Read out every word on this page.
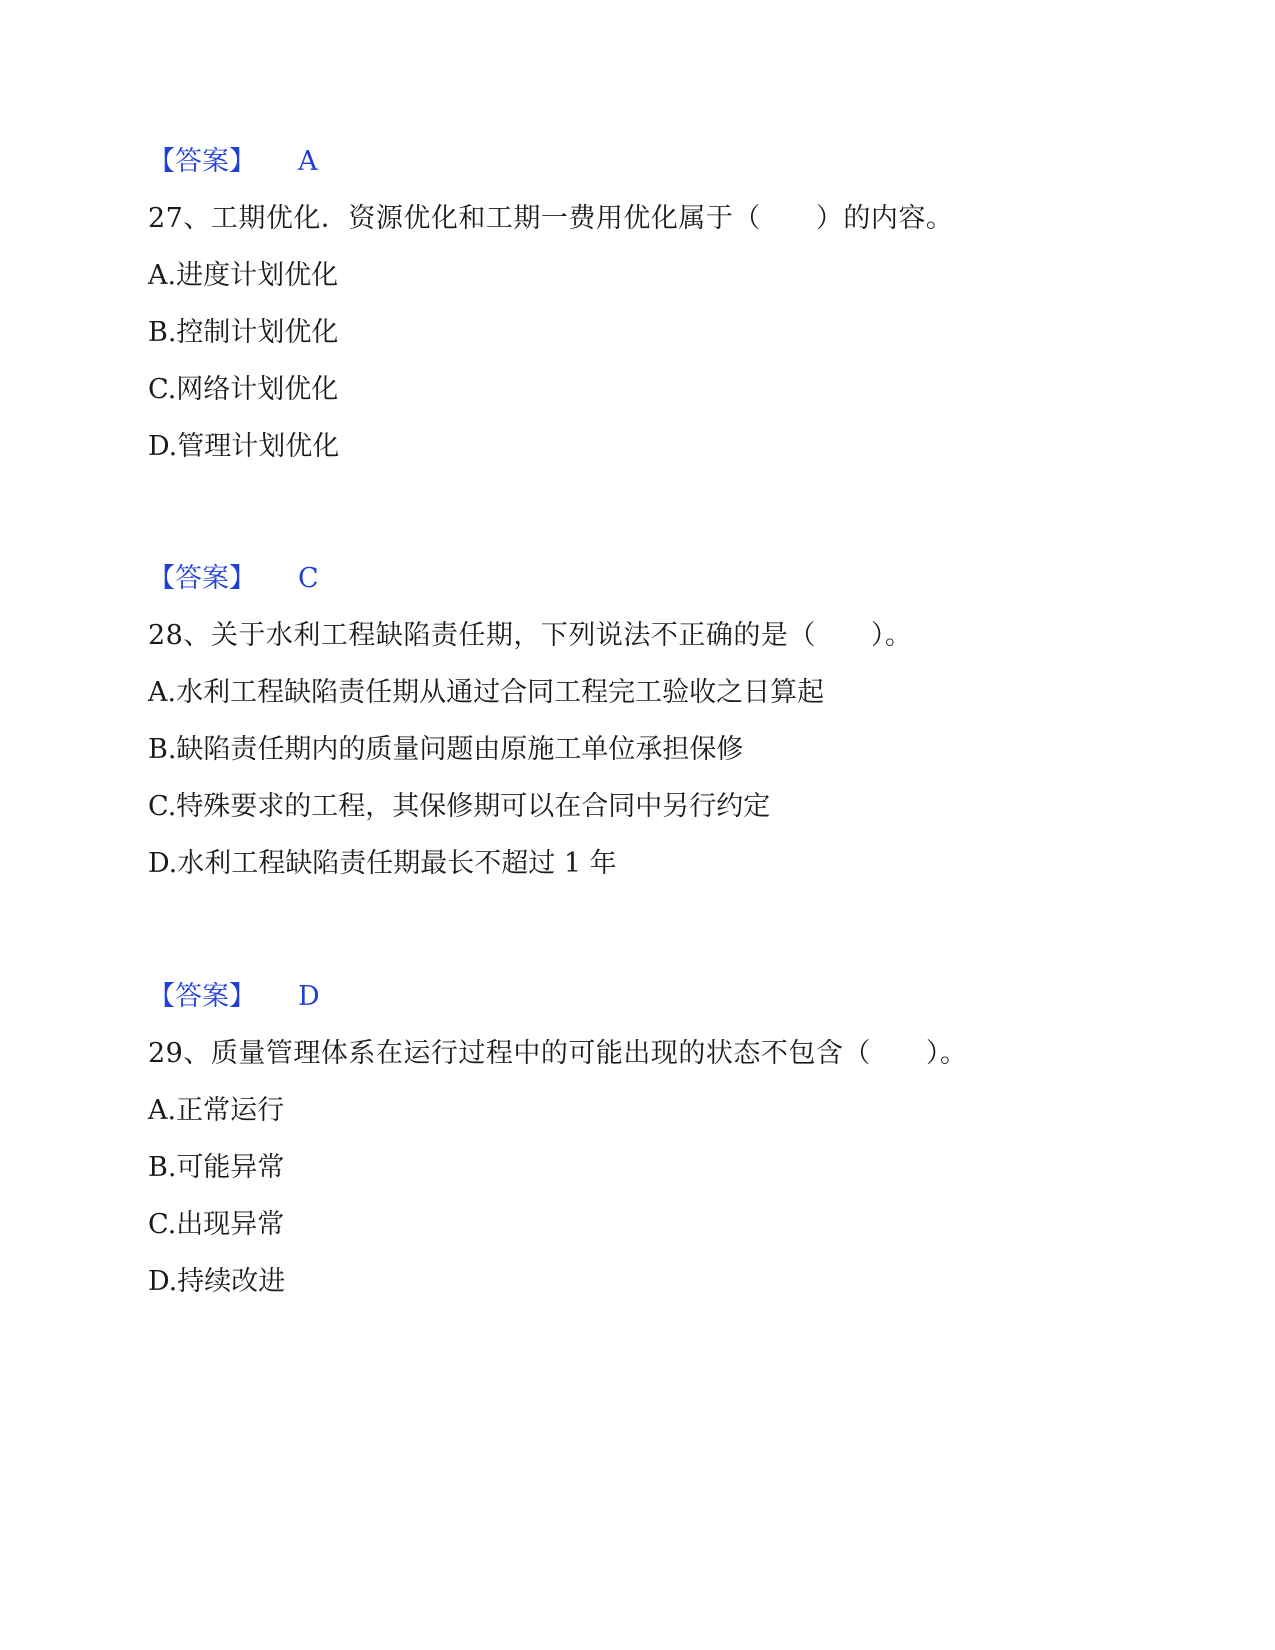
【答案】 A
27、工期优化．资源优化和工期一费用优化属于（　　）的内容。
A.进度计划优化
B.控制计划优化
C.网络计划优化
D.管理计划优化
【答案】 C
28、关于水利工程缺陷责任期，下列说法不正确的是（　　）。
A.水利工程缺陷责任期从通过合同工程完工验收之日算起
B.缺陷责任期内的质量问题由原施工单位承担保修
C.特殊要求的工程，其保修期可以在合同中另行约定
D.水利工程缺陷责任期最长不超过 1 年
【答案】 D
29、质量管理体系在运行过程中的可能出现的状态不包含（　　）。
A.正常运行
B.可能异常
C.出现异常
D.持续改进
